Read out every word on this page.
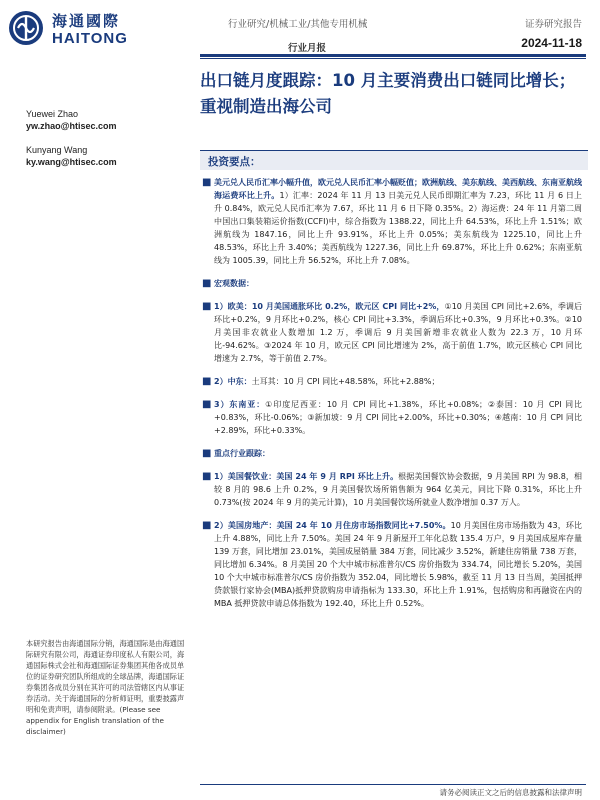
海通國際
HAITONG
行业研究/机械工业/其他专用机械
行业月报
证券研究报告
2024-11-18
出口链月度跟踪：10 月主要消费出口链同比增长；重视制造出海公司
Yuewei Zhao
yw.zhao@htisec.com
Kunyang Wang
ky.wang@htisec.com
本研究报告由海通国际分销，海通国际是由海通国际研究有限公司，海通证券印度私人有限公司，海通国际株式会社和海通国际证券集团其他各成员单位的证券研究团队所组成的全球品牌，海通国际证券集团各成员分别在其许可的司法管辖区内从事证券活动。关于海通国际的分析师证明，重要披露声明和免责声明，请参阅附录。(Please see appendix for English translation of the disclaimer)
投资要点：
■ 美元兑人民币汇率小幅升值，欧元兑人民币汇率小幅贬值；欧洲航线、美东航线、美西航线、东南亚航线海运费环比上升。1）汇率：2024 年 11 月 13 日美元兑人民币即期汇率为 7.23，环比 11 月 6 日上升 0.84%，欧元兑人民币汇率为 7.67，环比 11 月 6 日下降 0.35%。2）海运费：24 年 11 月第二周中国出口集装箱运价指数(CCFI)中，综合指数为 1388.22，同比上升 64.53%，环比上升 1.51%；欧洲航线为 1847.16，同比上升 93.91%，环比上升 0.05%；美东航线为 1225.10，同比上升 48.53%，环比上升 3.40%；美西航线为 1227.36，同比上升 69.87%，环比上升 0.62%；东南亚航线为 1005.39，同比上升 56.52%，环比上升 7.08%。
■ 宏观数据：
■ 1）欧美：10 月美国通胀环比 0.2%，欧元区 CPI 同比+2%，①10 月美国 CPI 同比+2.6%，季调后环比+0.2%，9 月环比+0.2%，核心 CPI 同比+3.3%，季调后环比+0.3%，9 月环比+0.3%。②10 月美国非农就业人数增加 1.2 万，季调后 9 月美国新增非农就业人数为 22.3 万，10 月环比-94.62%。③2024 年 10 月，欧元区 CPI 同比增速为 2%，高于前值 1.7%，欧元区核心 CPI 同比增速为 2.7%，等于前值 2.7%。
■ 2）中东：土耳其：10 月 CPI 同比+48.58%，环比+2.88%；
■ 3）东南亚：①印度尼西亚：10 月 CPI 同比+1.38%，环比+0.08%；②泰国：10 月 CPI 同比+0.83%，环比-0.06%；③新加坡：9 月 CPI 同比+2.00%，环比+0.30%；④越南：10 月 CPI 同比+2.89%，环比+0.33%。
■ 重点行业跟踪：
■ 1）美国餐饮业：美国 24 年 9 月 RPI 环比上升。根据美国餐饮协会数据，9 月美国 RPI 为 98.8，相较 8 月的 98.6 上升 0.2%，9 月美国餐饮场所销售额为 964 亿美元，同比下降 0.31%，环比上升 0.73%(按 2024 年 9 月的美元计算)，10 月美国餐饮场所就业人数净增加 0.37 万人。
■ 2）美国房地产：美国 24 年 10 月住房市场指数同比+7.50%。10 月美国住房市场指数为 43，环比上升 4.88%，同比上升 7.50%。美国 24 年 9 月新屋开工年化总数 135.4 万户，9 月美国成屋库存量 139 万套，同比增加 23.01%，美国成屋销量 384 万套，同比减少 3.52%，新建住房销量 738 万套，同比增加 6.34%。8 月美国 20 个大中城市标准普尔/CS 房价指数为 334.74，同比增长 5.20%，美国 10 个大中城市标准普尔/CS 房价指数为 352.04，同比增长 5.98%，截至 11 月 13 日当周，美国抵押贷款银行家协会(MBA)抵押贷款购房申请指标为 133.30，环比上升 1.91%，包括购房和再融资在内的 MBA 抵押贷款申请总体指数为 192.40，环比上升 0.52%。
请务必阅读正文之后的信息披露和法律声明
